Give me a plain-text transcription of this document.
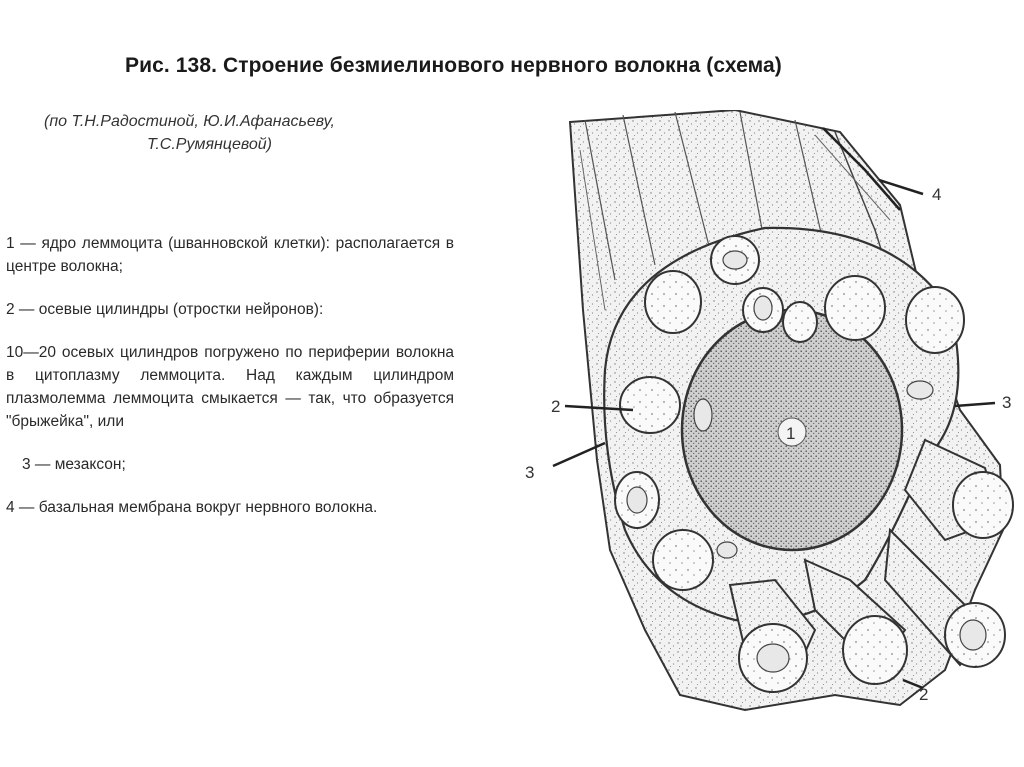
Рис. 138. Строение безмиелинового нервного волокна (схема)
(по Т.Н.Радостиной, Ю.И.Афанасьеву,
Т.С.Румянцевой)

1 — ядро леммоцита (шванновской клетки): располагается в центре волокна;

2 — осевые цилиндры (отростки нейронов):

10—20 осевых цилиндров погружено по периферии волокна в цитоплазму леммоцита. Над каждым цилиндром плазмолемма леммоцита смыкается — так, что образуется "брыжейка", или

3 — мезаксон;

4 — базальная мембрана вокруг нервного волокна.

1
4
2	3
3
2
